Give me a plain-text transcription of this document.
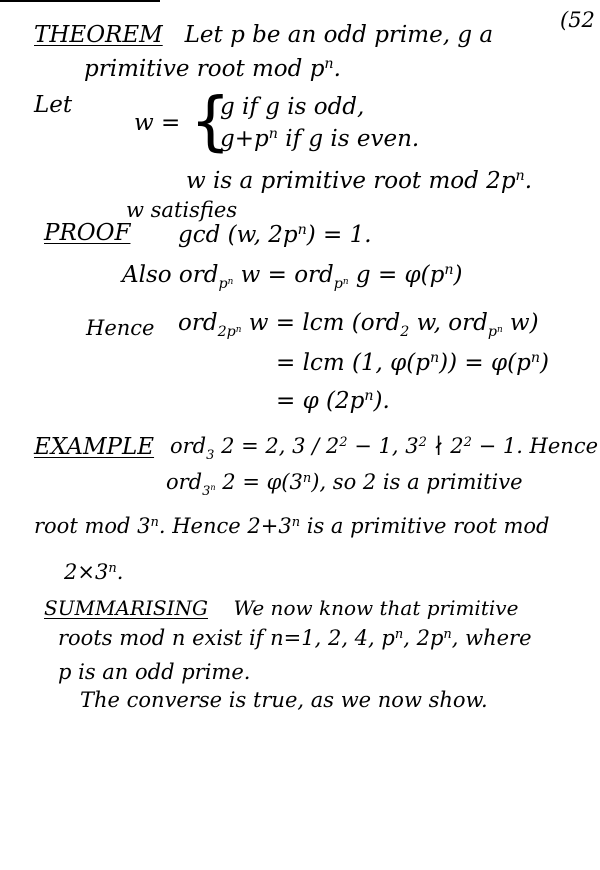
(52
THEOREM Let p be an odd prime, g a
primitive root mod $p^n$.
Let
w = {
g if g is odd,
$g+p^n$ if g is even.
w is a primitive root mod $2p^n$.
PROOF
w satisfies
gcd (w, $2p^n) = 1$.
Also ord$_{p^n}$ w = ord$_{p^n}$ $g = \varphi(p^n)$
Hence ord$_{2p^n}$ w = lcm (ord$_2$ w, ord$_{p^n}$ w)
= lcm (1, $\varphi(p^n)) = \varphi(p^n)$
= φ $(2p^n)$.
EXAMPLE ord$_3$ 2 = 2, $3 / 2^2 - 1$, $3^2$ ∤ $2^2 - 1$. Hence
ord$_{3^n}$ $2 = \varphi(3^n)$, so 2 is a primitive
root mod 3$^n$. Hence $2+3^n$ is a primitive root mod
$2\times 3^n$.
SUMMARISING We now know that primitive
roots mod n exist if n=1, 2, 4, $p^n$, $2p^n$, where
p is an odd prime.
The converse is true, as we now show.
